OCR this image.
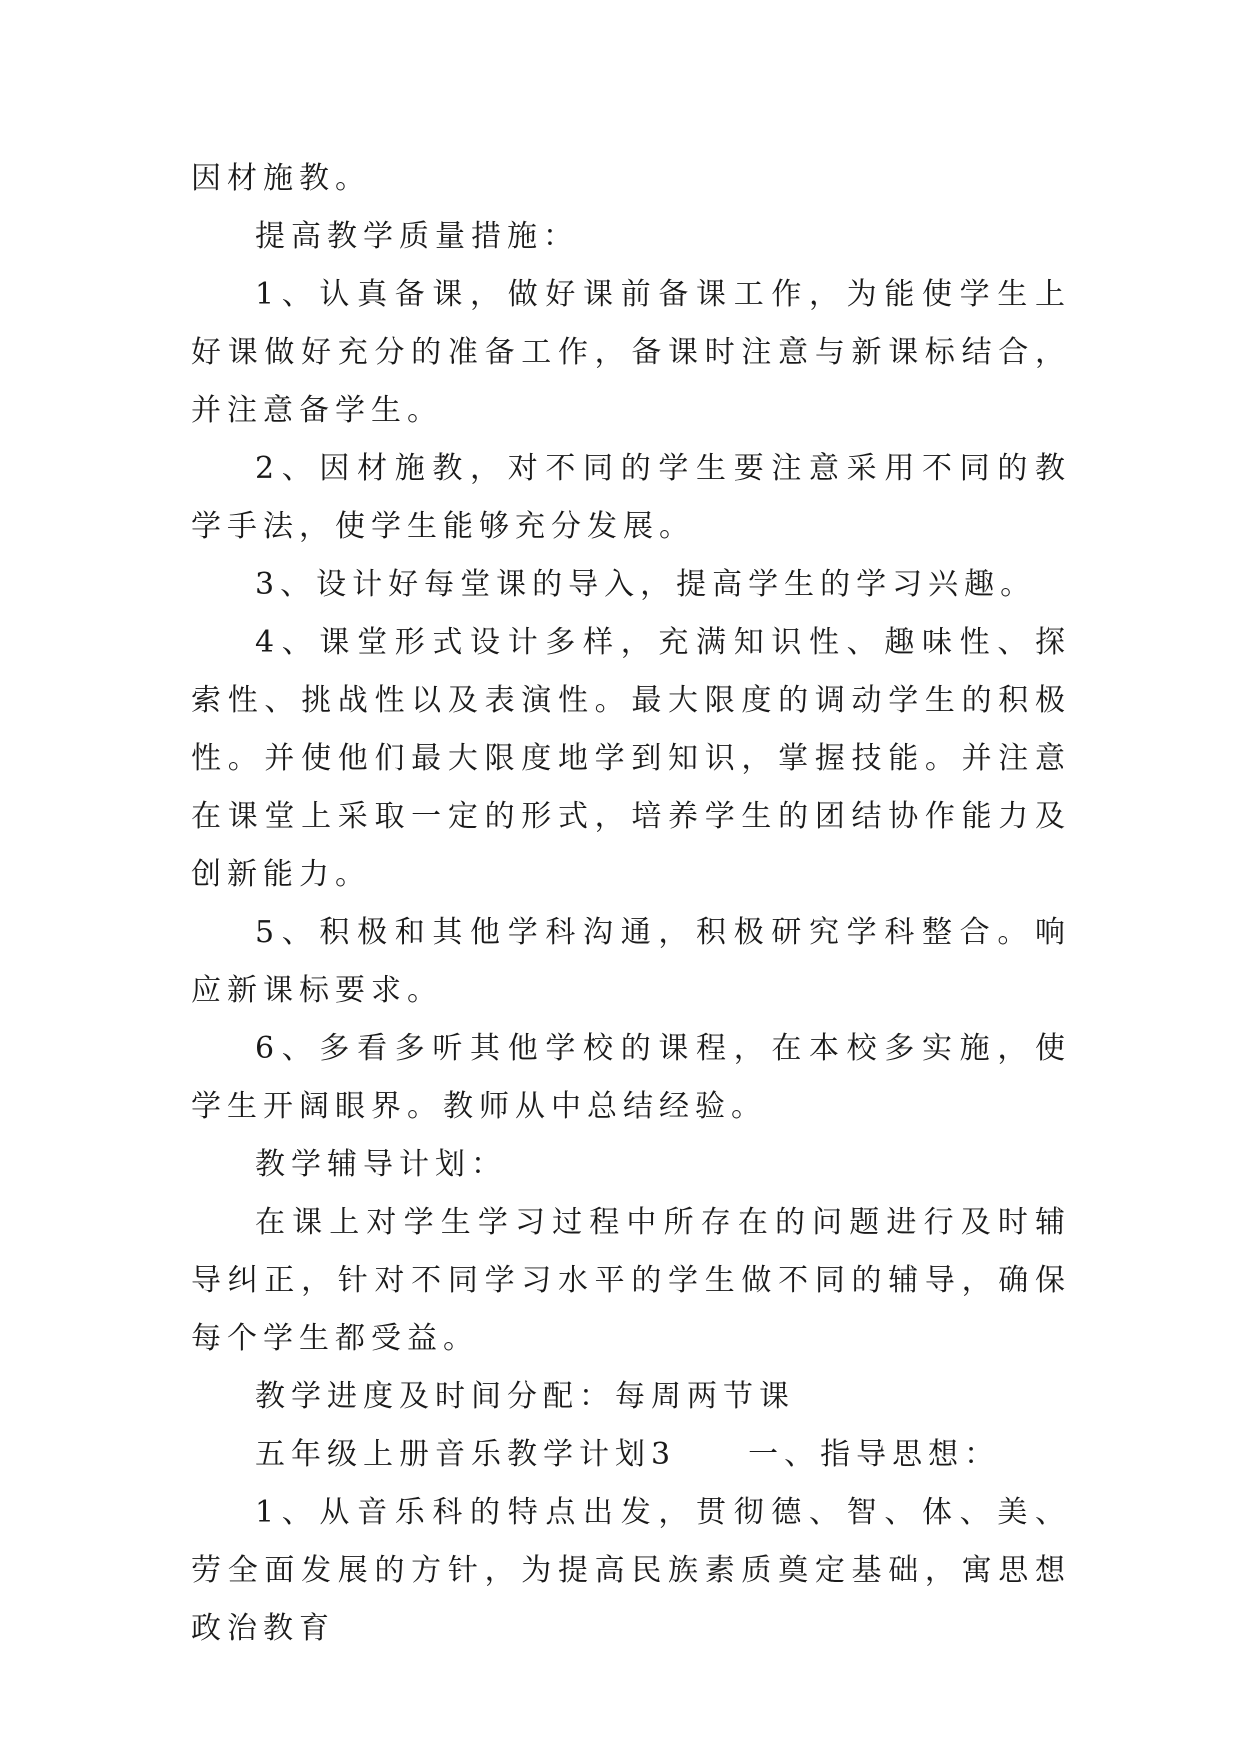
因材施教。

提高教学质量措施：

1、认真备课，做好课前备课工作，为能使学生上好课做好充分的准备工作，备课时注意与新课标结合，并注意备学生。

2、因材施教，对不同的学生要注意采用不同的教学手法，使学生能够充分发展。

3、设计好每堂课的导入，提高学生的学习兴趣。

4、课堂形式设计多样，充满知识性、趣味性、探索性、挑战性以及表演性。最大限度的调动学生的积极性。并使他们最大限度地学到知识，掌握技能。并注意在课堂上采取一定的形式，培养学生的团结协作能力及创新能力。

5、积极和其他学科沟通，积极研究学科整合。响应新课标要求。

6、多看多听其他学校的课程，在本校多实施，使学生开阔眼界。教师从中总结经验。

教学辅导计划：

在课上对学生学习过程中所存在的问题进行及时辅导纠正，针对不同学习水平的学生做不同的辅导，确保每个学生都受益。

教学进度及时间分配：每周两节课

五年级上册音乐教学计划3　　一、指导思想：

1、从音乐科的特点出发，贯彻德、智、体、美、劳全面发展的方针，为提高民族素质奠定基础，寓思想政治教育
